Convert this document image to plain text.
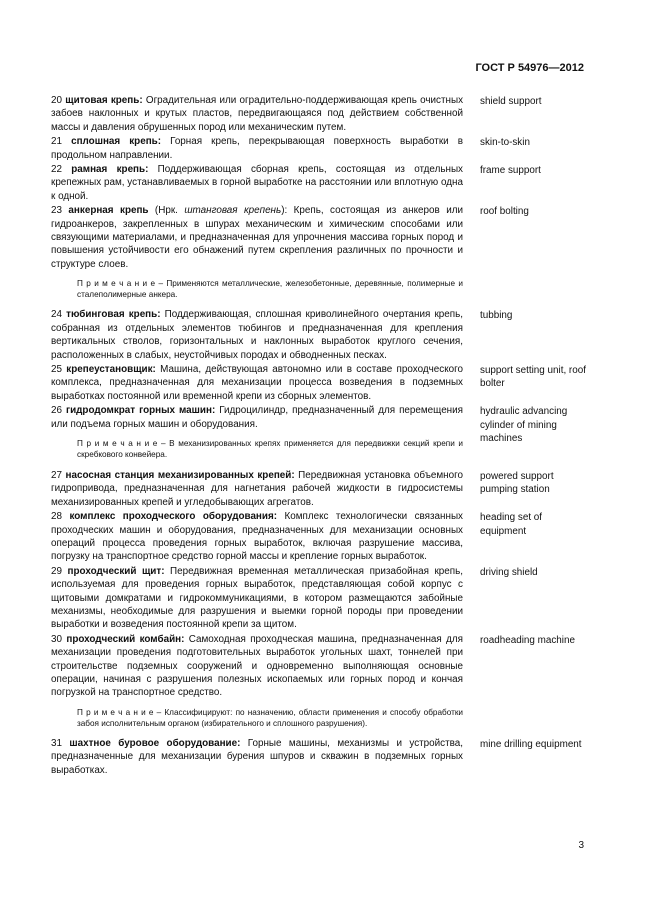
ГОСТ Р 54976—2012
20 щитовая крепь: Оградительная или оградительно-поддерживающая крепь очистных забоев наклонных и крутых пластов, передвигающаяся под действием собственной массы и давления обрушенных пород или механическим путем.
shield support
21 сплошная крепь: Горная крепь, перекрывающая поверхность выработки в продольном направлении.
skin-to-skin
22 рамная крепь: Поддерживающая сборная крепь, состоящая из отдельных крепежных рам, устанавливаемых в горной выработке на расстоянии или вплотную одна к одной.
frame support
23 анкерная крепь (Нрк. штанговая крепень): Крепь, состоящая из анкеров или гидроанкеров, закрепленных в шпурах механическим и химическим способами или связующими материалами, и предназначенная для упрочнения массива горных пород и повышения устойчивости его обнажений путем скрепления различных по прочности и структуре слоев.
roof bolting
П р и м е ч а н и е – Применяются металлические, железобетонные, деревянные, полимерные и сталеполимерные анкера.
24 тюбинговая крепь: Поддерживающая, сплошная криволинейного очертания крепь, собранная из отдельных элементов тюбингов и предназначенная для крепления вертикальных стволов, горизонтальных и наклонных выработок круглого сечения, расположенных в слабых, неустойчивых породах и обводненных песках.
tubbing
25 крепеустановщик: Машина, действующая автономно или в составе проходческого комплекса, предназначенная для механизации процесса возведения в подземных выработках постоянной или временной крепи из сборных элементов.
support setting unit, roof bolter
26 гидродомкрат горных машин: Гидроцилиндр, предназначенный для перемещения или подъема горных машин и оборудования.
П р и м е ч а н и е – В механизированных крепях применяется для передвижки секций крепи и скребкового конвейера.
hydraulic advancing cylinder of mining machines
27 насосная станция механизированных крепей: Передвижная установка объемного гидропривода, предназначенная для нагнетания рабочей жидкости в гидросистемы механизированных крепей и угледобывающих агрегатов.
powered support pumping station
28 комплекс проходческого оборудования: Комплекс технологически связанных проходческих машин и оборудования, предназначенных для механизации основных операций процесса проведения горных выработок, включая разрушение массива, погрузку на транспортное средство горной массы и крепление горных выработок.
heading set of equipment
29 проходческий щит: Передвижная временная металлическая призабойная крепь, используемая для проведения горных выработок, представляющая собой корпус с щитовыми домкратами и гидрокоммуникациями, в котором размещаются забойные механизмы, необходимые для разрушения и выемки горной породы при проведении выработки и возведения постоянной крепи за щитом.
driving shield
30 проходческий комбайн: Самоходная проходческая машина, предназначенная для механизации проведения подготовительных выработок угольных шахт, тоннелей при строительстве подземных сооружений и одновременно выполняющая основные операции, начиная с разрушения полезных ископаемых или горных пород и кончая погрузкой на транспортное средство.
roadheading machine
П р и м е ч а н и е – Классифицируют: по назначению, области применения и способу обработки забоя исполнительным органом (избирательного и сплошного разрушения).
31 шахтное буровое оборудование: Горные машины, механизмы и устройства, предназначенные для механизации бурения шпуров и скважин в подземных горных выработках.
mine drilling equipment
3
